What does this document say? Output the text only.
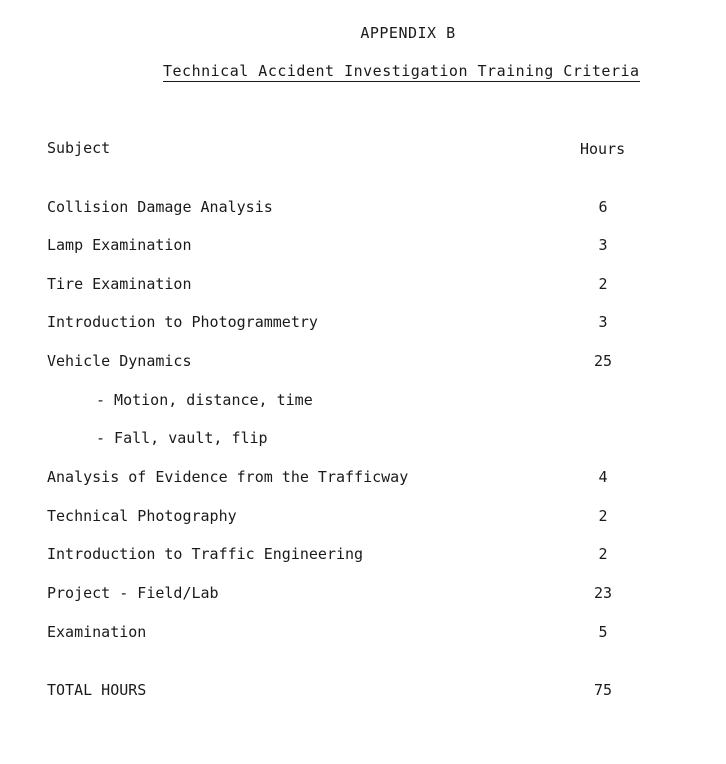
APPENDIX B
Technical Accident Investigation Training Criteria
Subject	Hours
Collision Damage Analysis	6
Lamp Examination	3
Tire Examination	2
Introduction to Photogrammetry	3
Vehicle Dynamics	25
- Motion, distance, time
- Fall, vault, flip
Analysis of Evidence from the Trafficway	4
Technical Photography	2
Introduction to Traffic Engineering	2
Project - Field/Lab	23
Examination	5
TOTAL HOURS	75
